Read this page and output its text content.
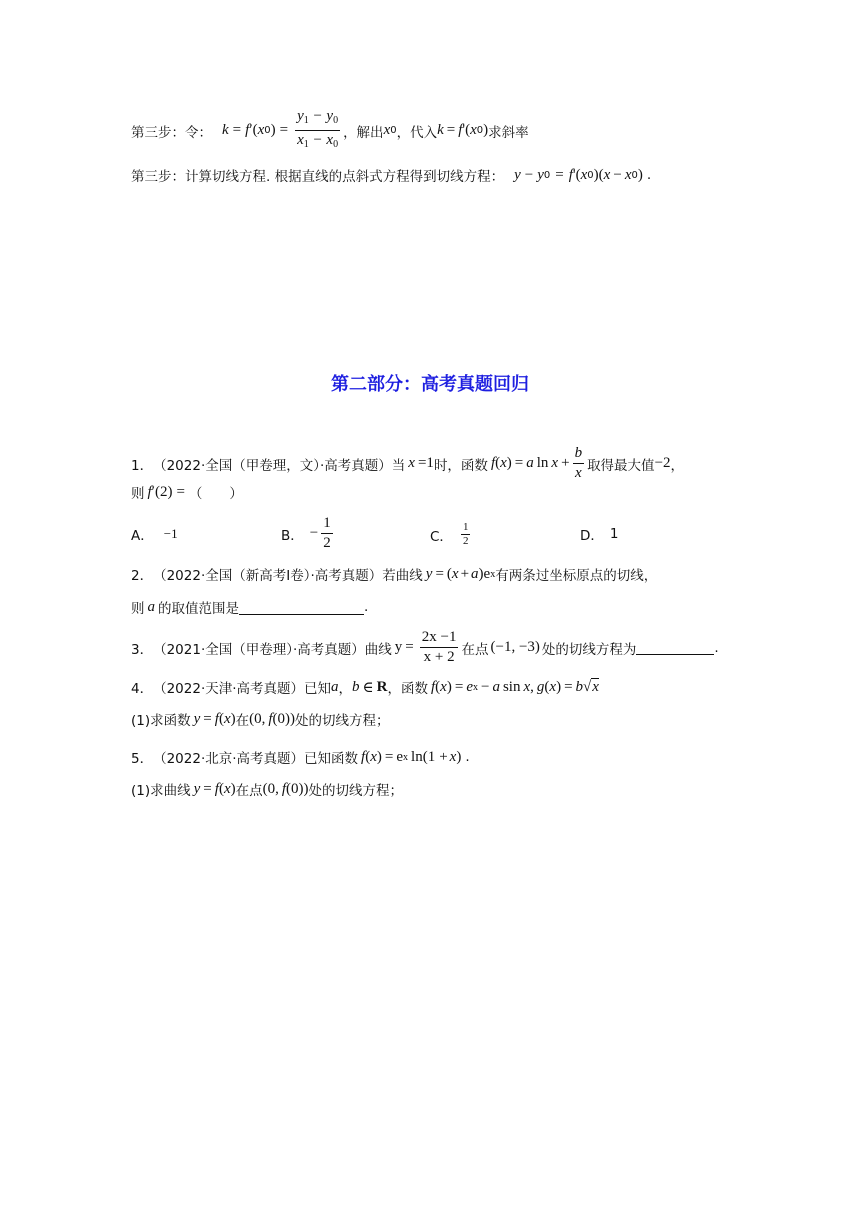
第三步：令： k = f ′( x 0 ) = $\frac{y_1 - y_0}{x_1 - x_0}$ ，解出 x 0 ，代入 k = f '( x 0 ) 求斜率
第三步：计算切线方程. 根据直线的点斜式方程得到切线方程： y − y 0 = f '( x 0 )( x − x 0 ) .
第二部分：高考真题回归
1． （2022·全国（甲卷理，文）·高考真题） 当 x =1 时，函数 f ( x ) = a $\ln x + \frac{b}{x}$ 取得最大值 −2 ，
则 f ′(2) = （　　）
A． −1	B． − $\frac{1}{2}$	C． $\frac{1}{2}$	D． 1
2． （2022·全国（新高考Ⅰ卷）·高考真题） 若曲线 y = ( x + a )e x 有两条过坐标原点的切线，
则 a 的取值范围是	.
3． （2021·全国（甲卷理）·高考真题） 曲线 $y = \frac{2x -1}{x + 2}$ 在点 (−1, −3) 处的切线方程为	.
4． （2022·天津·高考真题） 已知 a ， b ∈ R ，函数 f ( x ) = e x − a sin x , g ( x ) = b √ x
(1)求函数 y = f ( x ) 在 (0, f (0)) 处的切线方程；
5． （2022·北京·高考真题） 已知函数 f ( x ) = e x ln(1 + x ) .
(1)求曲线 y = f ( x ) 在点 (0, f (0)) 处的切线方程；
